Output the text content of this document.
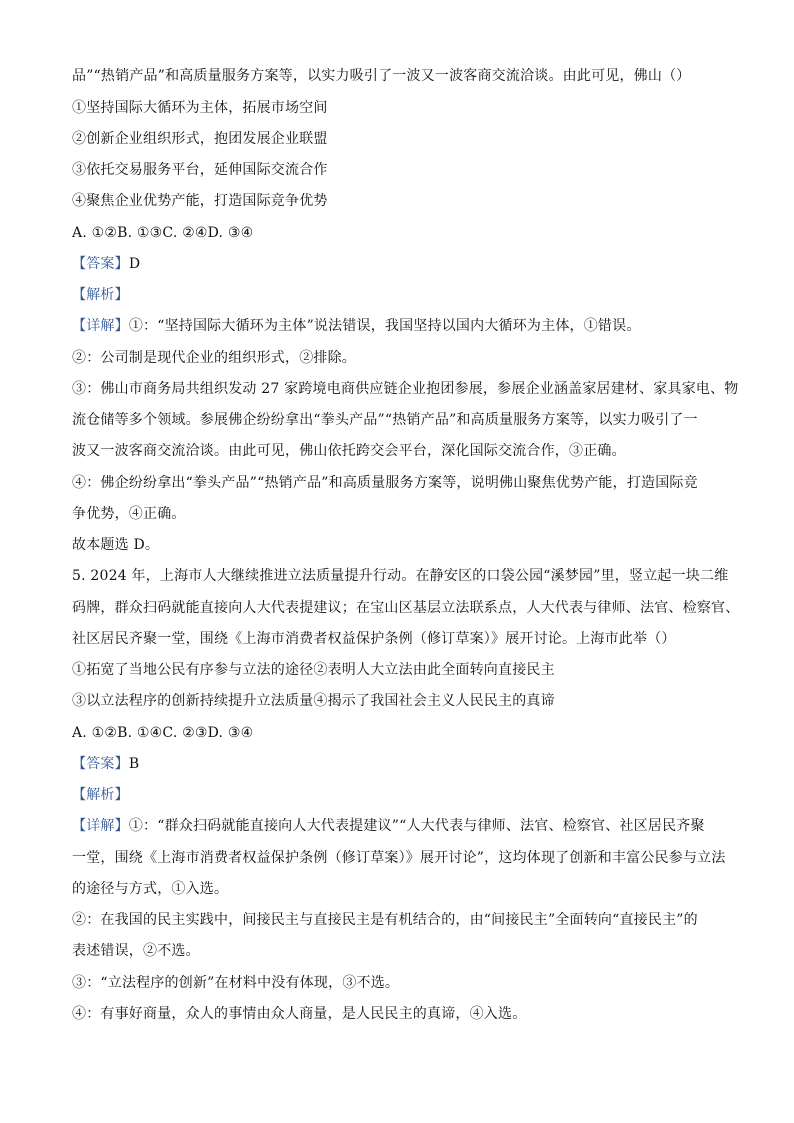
品”“热销产品”和高质量服务方案等，以实力吸引了一波又一波客商交流洽谈。由此可见，佛山（）
①坚持国际大循环为主体，拓展市场空间
②创新企业组织形式，抱团发展企业联盟
③依托交易服务平台，延伸国际交流合作
④聚焦企业优势产能，打造国际竞争优势
A. ①②B. ①③C. ②④D. ③④
【答案】D
【解析】
【详解】①：“坚持国际大循环为主体”说法错误，我国坚持以国内大循环为主体，①错误。
②：公司制是现代企业的组织形式，②排除。
③：佛山市商务局共组织发动 27 家跨境电商供应链企业抱团参展，参展企业涵盖家居建材、家具家电、物
流仓储等多个领域。参展佛企纷纷拿出“拳头产品”“热销产品”和高质量服务方案等，以实力吸引了一
波又一波客商交流洽谈。由此可见，佛山依托跨交会平台，深化国际交流合作，③正确。
④：佛企纷纷拿出“拳头产品”“热销产品”和高质量服务方案等，说明佛山聚焦优势产能，打造国际竞
争优势，④正确。
故本题选 D。
5. 2024 年，上海市人大继续推进立法质量提升行动。在静安区的口袋公园“溪梦园”里，竖立起一块二维
码牌，群众扫码就能直接向人大代表提建议；在宝山区基层立法联系点，人大代表与律师、法官、检察官、
社区居民齐聚一堂，围绕《上海市消费者权益保护条例（修订草案）》展开讨论。上海市此举（）
①拓宽了当地公民有序参与立法的途径②表明人大立法由此全面转向直接民主
③以立法程序的创新持续提升立法质量④揭示了我国社会主义人民民主的真谛
A. ①②B. ①④C. ②③D. ③④
【答案】B
【解析】
【详解】①：“群众扫码就能直接向人大代表提建议”“人大代表与律师、法官、检察官、社区居民齐聚
一堂，围绕《上海市消费者权益保护条例（修订草案）》展开讨论”，这均体现了创新和丰富公民参与立法
的途径与方式，①入选。
②：在我国的民主实践中，间接民主与直接民主是有机结合的，由“间接民主”全面转向“直接民主”的
表述错误，②不选。
③：“立法程序的创新”在材料中没有体现，③不选。
④：有事好商量，众人的事情由众人商量，是人民民主的真谛，④入选。
